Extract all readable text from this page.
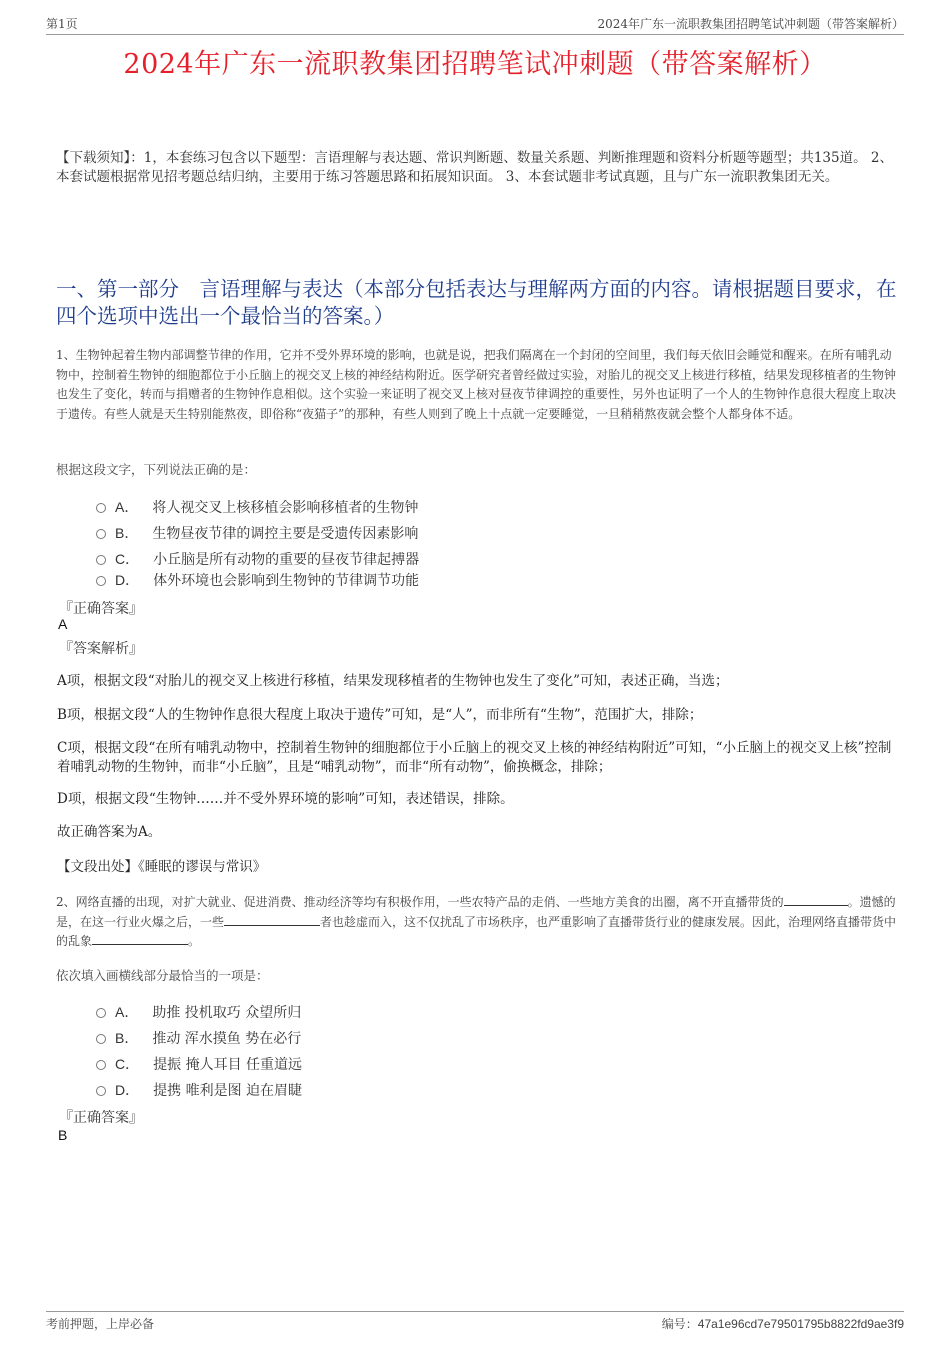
第1页	2024年广东一流职教集团招聘笔试冲刺题（带答案解析）
2024年广东一流职教集团招聘笔试冲刺题（带答案解析）
【下载须知】：1，本套练习包含以下题型：言语理解与表达题、常识判断题、数量关系题、判断推理题和资料分析题等题型；共135道。 2、本套试题根据常见招考题总结归纳，主要用于练习答题思路和拓展知识面。 3、本套试题非考试真题，且与广东一流职教集团无关。
一、第一部分　言语理解与表达（本部分包括表达与理解两方面的内容。请根据题目要求，在四个选项中选出一个最恰当的答案。）
1、生物钟起着生物内部调整节律的作用，它并不受外界环境的影响，也就是说，把我们隔离在一个封闭的空间里，我们每天依旧会睡觉和醒来。在所有哺乳动物中，控制着生物钟的细胞都位于小丘脑上的视交叉上核的神经结构附近。医学研究者曾经做过实验，对胎儿的视交叉上核进行移植，结果发现移植者的生物钟也发生了变化，转而与捐赠者的生物钟作息相似。这个实验一来证明了视交叉上核对昼夜节律调控的重要性，另外也证明了一个人的生物钟作息很大程度上取决于遗传。有些人就是天生特别能熬夜，即俗称“夜猫子”的那种，有些人则到了晚上十点就一定要睡觉，一旦稍稍熬夜就会整个人都身体不适。
根据这段文字，下列说法正确的是：
A． 将人视交叉上核移植会影响移植者的生物钟
B． 生物昼夜节律的调控主要是受遗传因素影响
C． 小丘脑是所有动物的重要的昼夜节律起搏器
D． 体外环境也会影响到生物钟的节律调节功能
『正确答案』
A
『答案解析』
A项，根据文段“对胎儿的视交叉上核进行移植，结果发现移植者的生物钟也发生了变化”可知，表述正确，当选；
B项，根据文段“人的生物钟作息很大程度上取决于遗传”可知，是“人”，而非所有“生物”，范围扩大，排除；
C项，根据文段“在所有哺乳动物中，控制着生物钟的细胞都位于小丘脑上的视交叉上核的神经结构附近”可知，“小丘脑上的视交叉上核”控制着哺乳动物的生物钟，而非“小丘脑”，且是“哺乳动物”，而非“所有动物”，偷换概念，排除；
D项，根据文段“生物钟……并不受外界环境的影响”可知，表述错误，排除。
故正确答案为A。
【文段出处】《睡眠的谬误与常识》
2、网络直播的出现，对扩大就业、促进消费、推动经济等均有积极作用，一些农特产品的走俏、一些地方美食的出圈，离不开直播带货的	。遗憾的是，在这一行业火爆之后，一些	者也趁虚而入，这不仅扰乱了市场秩序，也严重影响了直播带货行业的健康发展。因此，治理网络直播带货中的乱象	。
依次填入画横线部分最恰当的一项是：
A． 助推 投机取巧 众望所归
B． 推动 浑水摸鱼 势在必行
C． 提振 掩人耳目 任重道远
D． 提携 唯利是图 迫在眉睫
『正确答案』
B
考前押题，上岸必备	编号：47a1e96cd7e79501795b8822fd9ae3f9
